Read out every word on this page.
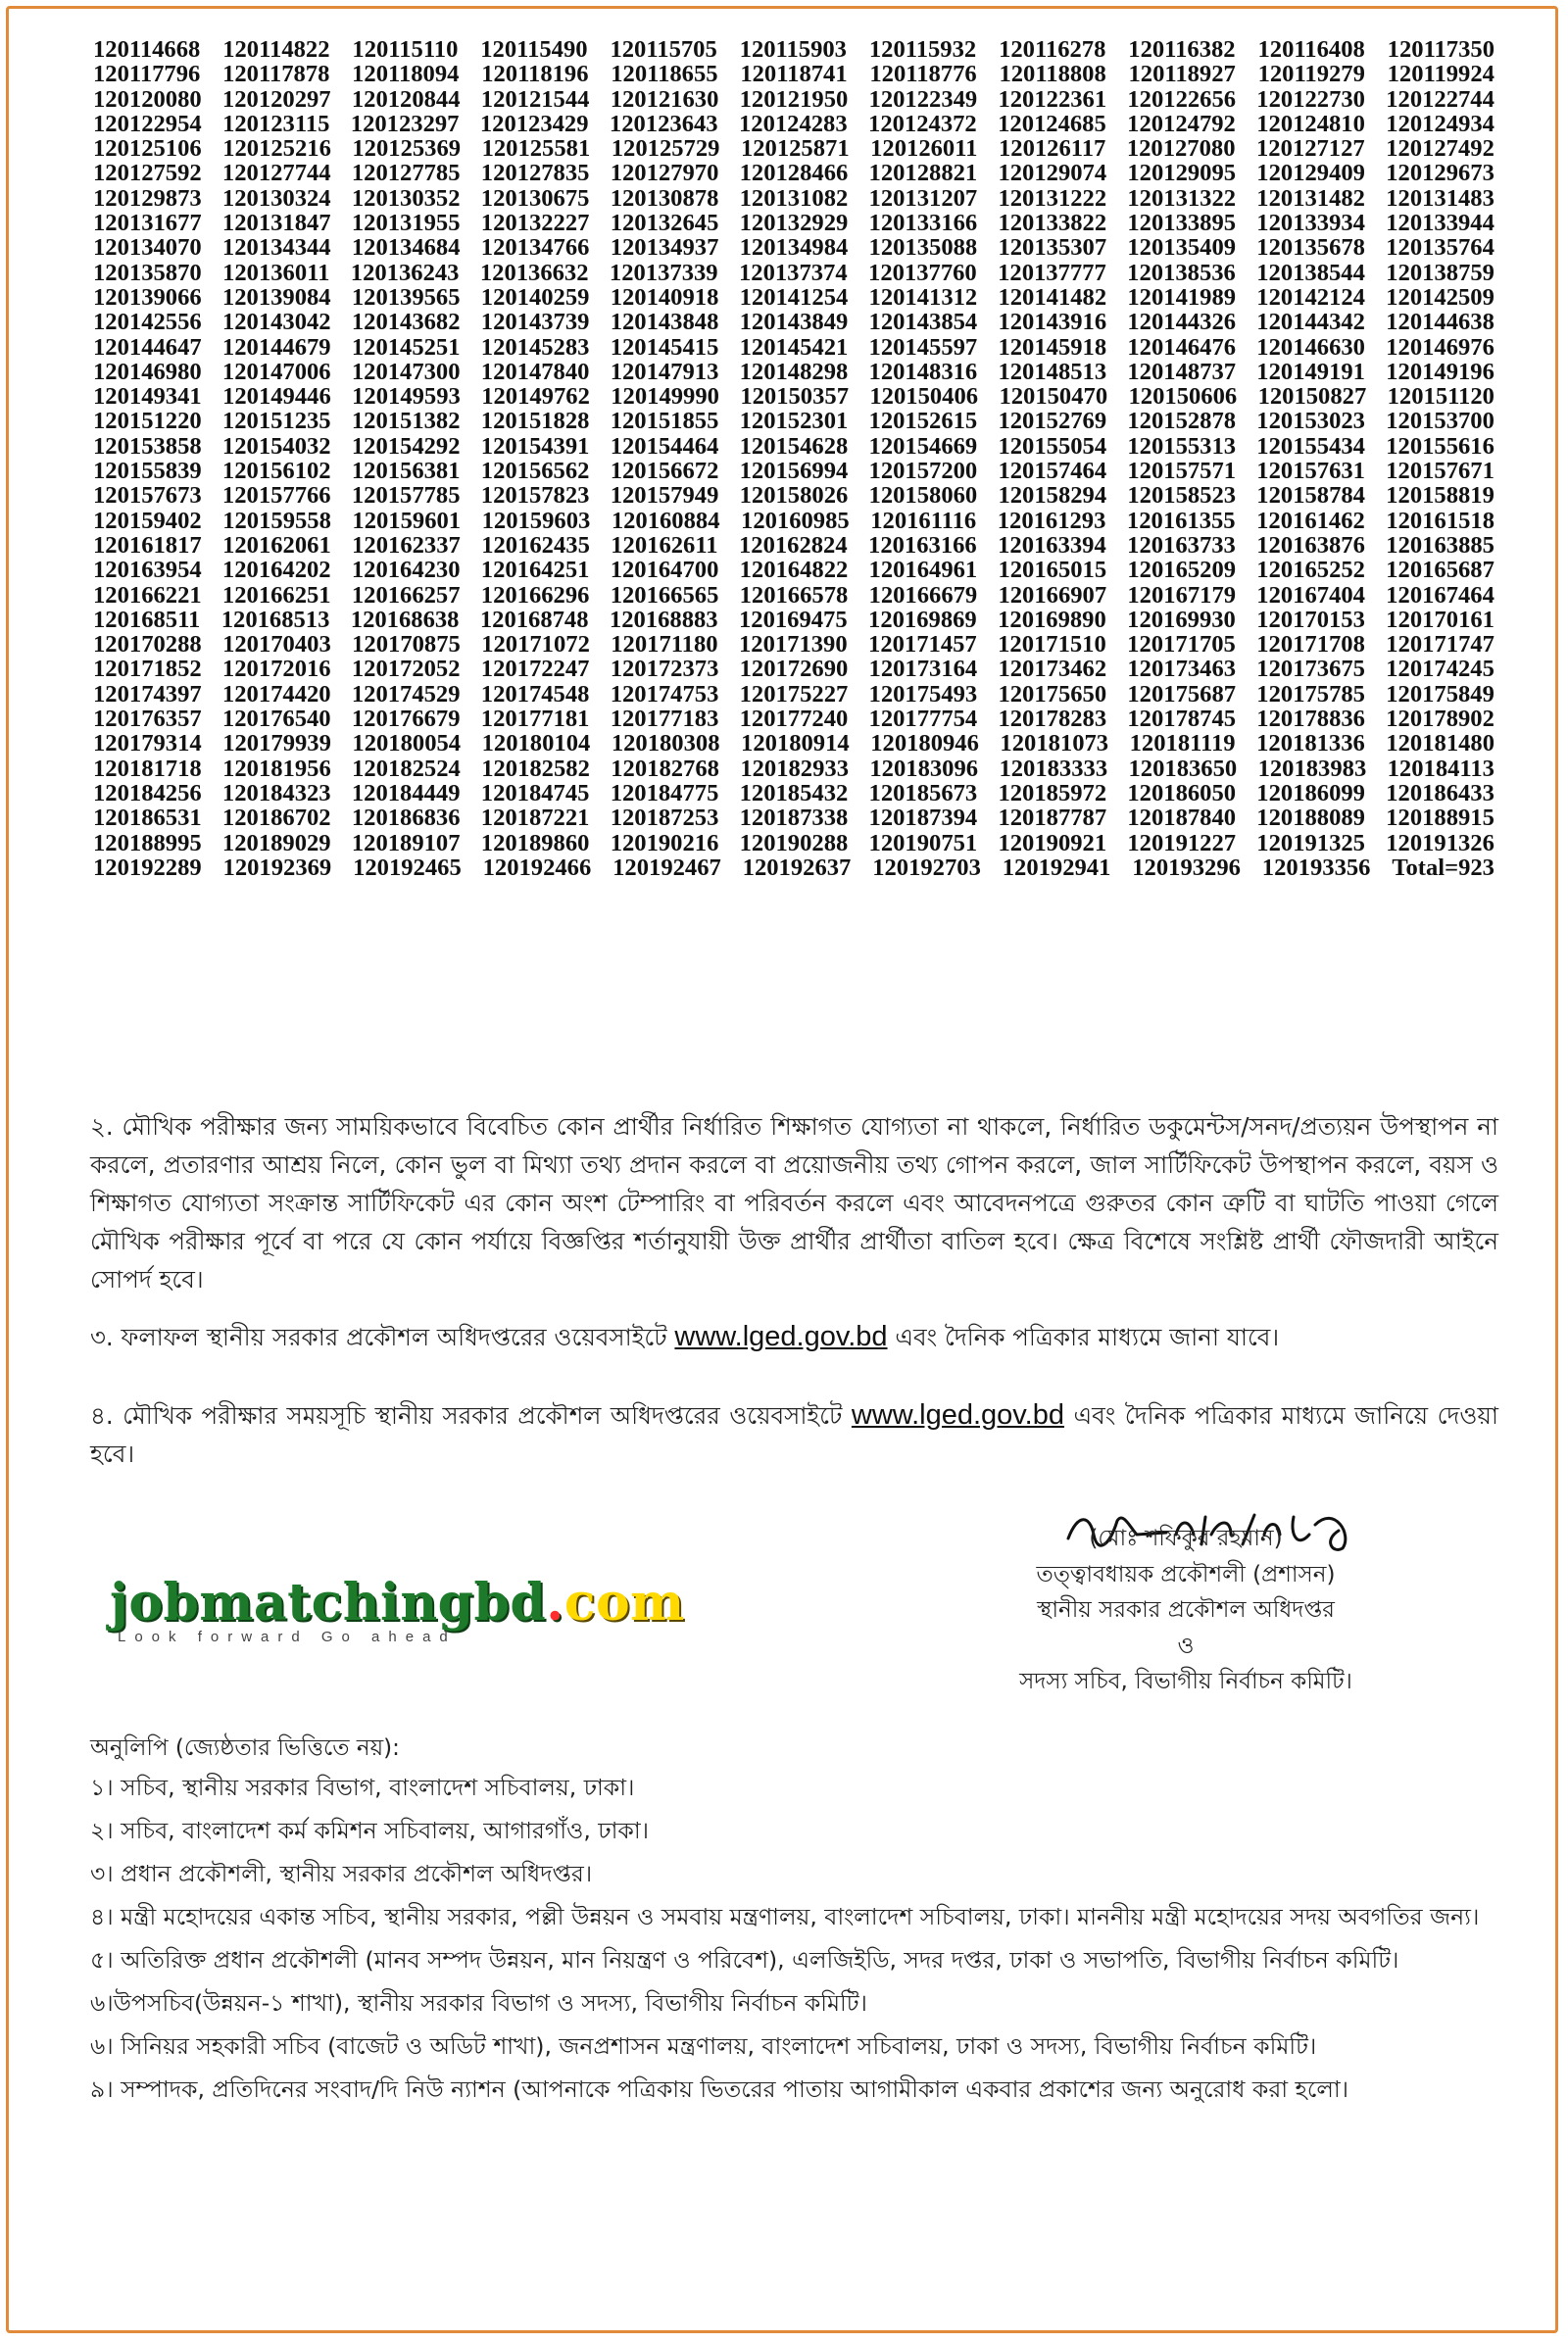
120114668 120114822 120115110 120115490 120115705 120115903 120115932 120116278 120116382 120116408 120117350
120117796 120117878 120118094 120118196 120118655 120118741 120118776 120118808 120118927 120119279 120119924
120120080 120120297 120120844 120121544 120121630 120121950 120122349 120122361 120122656 120122730 120122744
120122954 120123115 120123297 120123429 120123643 120124283 120124372 120124685 120124792 120124810 120124934
120125106 120125216 120125369 120125581 120125729 120125871 120126011 120126117 120127080 120127127 120127492
120127592 120127744 120127785 120127835 120127970 120128466 120128821 120129074 120129095 120129409 120129673
120129873 120130324 120130352 120130675 120130878 120131082 120131207 120131222 120131322 120131482 120131483
120131677 120131847 120131955 120132227 120132645 120132929 120133166 120133822 120133895 120133934 120133944
120134070 120134344 120134684 120134766 120134937 120134984 120135088 120135307 120135409 120135678 120135764
120135870 120136011 120136243 120136632 120137339 120137374 120137760 120137777 120138536 120138544 120138759
120139066 120139084 120139565 120140259 120140918 120141254 120141312 120141482 120141989 120142124 120142509
120142556 120143042 120143682 120143739 120143848 120143849 120143854 120143916 120144326 120144342 120144638
120144647 120144679 120145251 120145283 120145415 120145421 120145597 120145918 120146476 120146630 120146976
120146980 120147006 120147300 120147840 120147913 120148298 120148316 120148513 120148737 120149191 120149196
120149341 120149446 120149593 120149762 120149990 120150357 120150406 120150470 120150606 120150827 120151120
120151220 120151235 120151382 120151828 120151855 120152301 120152615 120152769 120152878 120153023 120153700
120153858 120154032 120154292 120154391 120154464 120154628 120154669 120155054 120155313 120155434 120155616
120155839 120156102 120156381 120156562 120156672 120156994 120157200 120157464 120157571 120157631 120157671
120157673 120157766 120157785 120157823 120157949 120158026 120158060 120158294 120158523 120158784 120158819
120159402 120159558 120159601 120159603 120160884 120160985 120161116 120161293 120161355 120161462 120161518
120161817 120162061 120162337 120162435 120162611 120162824 120163166 120163394 120163733 120163876 120163885
120163954 120164202 120164230 120164251 120164700 120164822 120164961 120165015 120165209 120165252 120165687
120166221 120166251 120166257 120166296 120166565 120166578 120166679 120166907 120167179 120167404 120167464
120168511 120168513 120168638 120168748 120168883 120169475 120169869 120169890 120169930 120170153 120170161
120170288 120170403 120170875 120171072 120171180 120171390 120171457 120171510 120171705 120171708 120171747
120171852 120172016 120172052 120172247 120172373 120172690 120173164 120173462 120173463 120173675 120174245
120174397 120174420 120174529 120174548 120174753 120175227 120175493 120175650 120175687 120175785 120175849
120176357 120176540 120176679 120177181 120177183 120177240 120177754 120178283 120178745 120178836 120178902
120179314 120179939 120180054 120180104 120180308 120180914 120180946 120181073 120181119 120181336 120181480
120181718 120181956 120182524 120182582 120182768 120182933 120183096 120183333 120183650 120183983 120184113
120184256 120184323 120184449 120184745 120184775 120185432 120185673 120185972 120186050 120186099 120186433
120186531 120186702 120186836 120187221 120187253 120187338 120187394 120187787 120187840 120188089 120188915
120188995 120189029 120189107 120189860 120190216 120190288 120190751 120190921 120191227 120191325 120191326
120192289 120192369 120192465 120192466 120192467 120192637 120192703 120192941 120193296 120193356 Total=923
২. মৌখিক পরীক্ষার জন্য সাময়িকভাবে বিবেচিত কোন প্রার্থীর নির্ধারিত শিক্ষাগত যোগ্যতা না থাকলে, নির্ধারিত ডকুমেন্টস/সনদ/প্রত্যয়ন উপস্থাপন না করলে, প্রতারণার আশ্রয় নিলে, কোন ভুল বা মিথ্যা তথ্য প্রদান করলে বা প্রয়োজনীয় তথ্য গোপন করলে, জাল সার্টিফিকেট উপস্থাপন করলে, বয়স ও শিক্ষাগত যোগ্যতা সংক্রান্ত সার্টিফিকেট এর কোন অংশ টেম্পারিং বা পরিবর্তন করলে এবং আবেদনপত্রে গুরুতর কোন ত্রুটি বা ঘাটতি পাওয়া গেলে মৌখিক পরীক্ষার পূর্বে বা পরে যে কোন পর্যায়ে বিজ্ঞপ্তির শর্তানুযায়ী উক্ত প্রার্থীর প্রার্থীতা বাতিল হবে। ক্ষেত্র বিশেষে সংশ্লিষ্ট প্রার্থী ফৌজদারী আইনে সোপর্দ হবে।
৩. ফলাফল স্থানীয় সরকার প্রকৌশল অধিদপ্তরের ওয়েবসাইটে www.lged.gov.bd এবং দৈনিক পত্রিকার মাধ্যমে জানা যাবে।
৪. মৌখিক পরীক্ষার সময়সূচি স্থানীয় সরকার প্রকৌশল অধিদপ্তরের ওয়েবসাইটে www.lged.gov.bd এবং দৈনিক পত্রিকার মাধ্যমে জানিয়ে দেওয়া হবে।
(মোঃ শফিকুর রহমান)
তত্ত্বাবধায়ক প্রকৌশলী (প্রশাসন)
স্থানীয় সরকার প্রকৌশল অধিদপ্তর
ও
সদস্য সচিব, বিভাগীয় নির্বাচন কমিটি।
jobmatchingbd.com
Look forward Go ahead
অনুলিপি (জ্যেষ্ঠতার ভিত্তিতে নয়):
১। সচিব, স্থানীয় সরকার বিভাগ, বাংলাদেশ সচিবালয়, ঢাকা।
২। সচিব, বাংলাদেশ কর্ম কমিশন সচিবালয়, আগারগাঁও, ঢাকা।
৩। প্রধান প্রকৌশলী, স্থানীয় সরকার প্রকৌশল অধিদপ্তর।
৪। মন্ত্রী মহোদয়ের একান্ত সচিব, স্থানীয় সরকার, পল্লী উন্নয়ন ও সমবায় মন্ত্রণালয়, বাংলাদেশ সচিবালয়, ঢাকা। মাননীয় মন্ত্রী মহোদয়ের সদয় অবগতির জন্য।
৫। অতিরিক্ত প্রধান প্রকৌশলী (মানব সম্পদ উন্নয়ন, মান নিয়ন্ত্রণ ও পরিবেশ), এলজিইডি, সদর দপ্তর, ঢাকা ও সভাপতি, বিভাগীয় নির্বাচন কমিটি।
৬।উপসচিব(উন্নয়ন-১ শাখা), স্থানীয় সরকার বিভাগ ও সদস্য, বিভাগীয় নির্বাচন কমিটি।
৬। সিনিয়র সহকারী সচিব (বাজেট ও অডিট শাখা), জনপ্রশাসন মন্ত্রণালয়, বাংলাদেশ সচিবালয়, ঢাকা ও সদস্য, বিভাগীয় নির্বাচন কমিটি।
৯। সম্পাদক, প্রতিদিনের সংবাদ/দি নিউ ন্যাশন (আপনাকে পত্রিকায় ভিতরের পাতায় আগামীকাল একবার প্রকাশের জন্য অনুরোধ করা হলো।
